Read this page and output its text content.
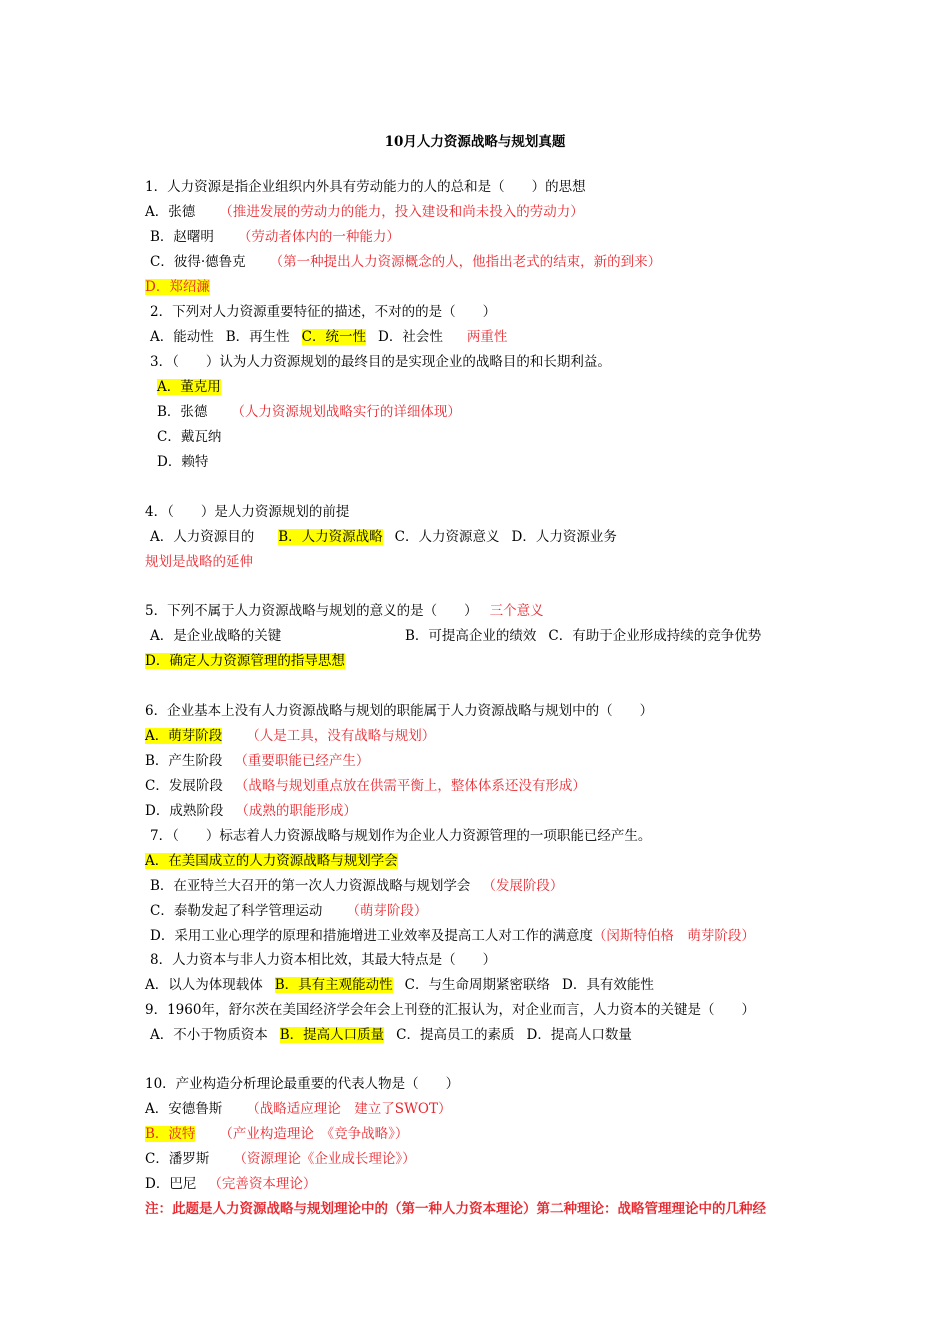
10月人力资源战略与规划真题
1．人力资源是指企业组织内外具有劳动能力的人的总和是（　　）的思想
A．张德 （推进发展的劳动力的能力，投入建设和尚未投入的劳动力）
B．赵曙明 （劳动者体内的一种能力）
C．彼得·德鲁克 （第一种提出人力资源概念的人，他指出老式的结束，新的到来）
D．郑绍濂
2．下列对人力资源重要特征的描述，不对的的是（　　）
A．能动性 B．再生性 C．统一性 D．社会性 两重性
3．（　　）认为人力资源规划的最终目的是实现企业的战略目的和长期利益。
A．董克用
B．张德 （人力资源规划战略实行的详细体现）
C．戴瓦纳
D．赖特
4．（　　）是人力资源规划的前提
A．人力资源目的 B．人力资源战略 C．人力资源意义 D．人力资源业务
规划是战略的延伸
5．下列不属于人力资源战略与规划的意义的是（　　） 三个意义
A．是企业战略的关键	B．可提高企业的绩效 C．有助于企业形成持续的竞争优势
D．确定人力资源管理的指导思想
6．企业基本上没有人力资源战略与规划的职能属于人力资源战略与规划中的（　　）
A．萌芽阶段 （人是工具，没有战略与规划）
B．产生阶段 （重要职能已经产生）
C．发展阶段 （战略与规划重点放在供需平衡上，整体体系还没有形成）
D．成熟阶段 （成熟的职能形成）
7．（　　）标志着人力资源战略与规划作为企业人力资源管理的一项职能已经产生。
A．在美国成立的人力资源战略与规划学会
B．在亚特兰大召开的第一次人力资源战略与规划学会 （发展阶段）
C．泰勒发起了科学管理运动 （萌芽阶段）
D．采用工业心理学的原理和措施增进工业效率及提高工人对工作的满意度（闵斯特伯格　萌芽阶段）
8．人力资本与非人力资本相比效，其最大特点是（　　）
A．以人为体现载体 B．具有主观能动性 C．与生命周期紧密联络 D．具有效能性
9．1960年，舒尔茨在美国经济学会年会上刊登的汇报认为，对企业而言，人力资本的关键是（　　）
A．不小于物质资本 B．提高人口质量 C．提高员工的素质 D．提高人口数量
10．产业构造分析理论最重要的代表人物是（　　）
A．安德鲁斯 （战略适应理论　建立了SWOT）
B．波特 （产业构造理论　《竞争战略》）
C．潘罗斯 （资源理论《企业成长理论》）
D．巴尼 （完善资本理论）
注：此题是人力资源战略与规划理论中的（第一种人力资本理论）第二种理论：战略管理理论中的几种经
